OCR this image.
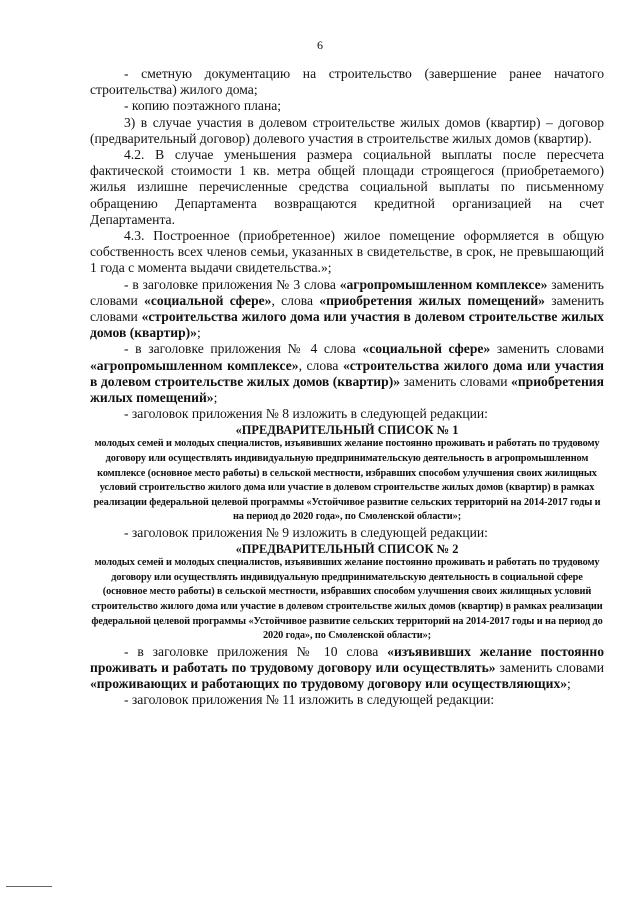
6

- сметную документацию на строительство (завершение ранее начатого строительства) жилого дома;

- копию поэтажного плана;

3) в случае участия в долевом строительстве жилых домов (квартир) – договор (предварительный договор) долевого участия в строительстве жилых домов (квартир).

4.2. В случае уменьшения размера социальной выплаты после пересчета фактической стоимости 1 кв. метра общей площади строящегося (приобретаемого) жилья излишне перечисленные средства социальной выплаты по письменному обращению Департамента возвращаются кредитной организацией на счет Департамента.

4.3. Построенное (приобретенное) жилое помещение оформляется в общую собственность всех членов семьи, указанных в свидетельстве, в срок, не превышающий 1 года с момента выдачи свидетельства.»;

- в заголовке приложения № 3 слова «агропромышленном комплексе» заменить словами «социальной сфере», слова «приобретения жилых помещений» заменить словами «строительства жилого дома или участия в долевом строительстве жилых домов (квартир)»;

- в заголовке приложения № 4 слова «социальной сфере» заменить словами «агропромышленном комплексе», слова «строительства жилого дома или участия в долевом строительстве жилых домов (квартир)» заменить словами «приобретения жилых помещений»;

- заголовок приложения № 8 изложить в следующей редакции:

«ПРЕДВАРИТЕЛЬНЫЙ СПИСОК № 1

молодых семей и молодых специалистов, изъявивших желание постоянно проживать и работать по трудовому договору или осуществлять индивидуальную предпринимательскую деятельность в агропромышленном комплексе (основное место работы) в сельской местности, избравших способом улучшения своих жилищных условий строительство жилого дома или участие в долевом строительстве жилых домов (квартир) в рамках реализации федеральной целевой программы «Устойчивое развитие сельских территорий на 2014-2017 годы и на период до 2020 года», по Смоленской области»;

- заголовок приложения № 9 изложить в следующей редакции:

«ПРЕДВАРИТЕЛЬНЫЙ СПИСОК № 2

молодых семей и молодых специалистов, изъявивших желание постоянно проживать и работать по трудовому договору или осуществлять индивидуальную предпринимательскую деятельность в социальной сфере (основное место работы) в сельской местности, избравших способом улучшения своих жилищных условий строительство жилого дома или участие в долевом строительстве жилых домов (квартир) в рамках реализации федеральной целевой программы «Устойчивое развитие сельских территорий на 2014-2017 годы и на период до 2020 года», по Смоленской области»;

- в заголовке приложения № 10 слова «изъявивших желание постоянно проживать и работать по трудовому договору или осуществлять» заменить словами «проживающих и работающих по трудовому договору или осуществляющих»;

- заголовок приложения № 11 изложить в следующей редакции:
